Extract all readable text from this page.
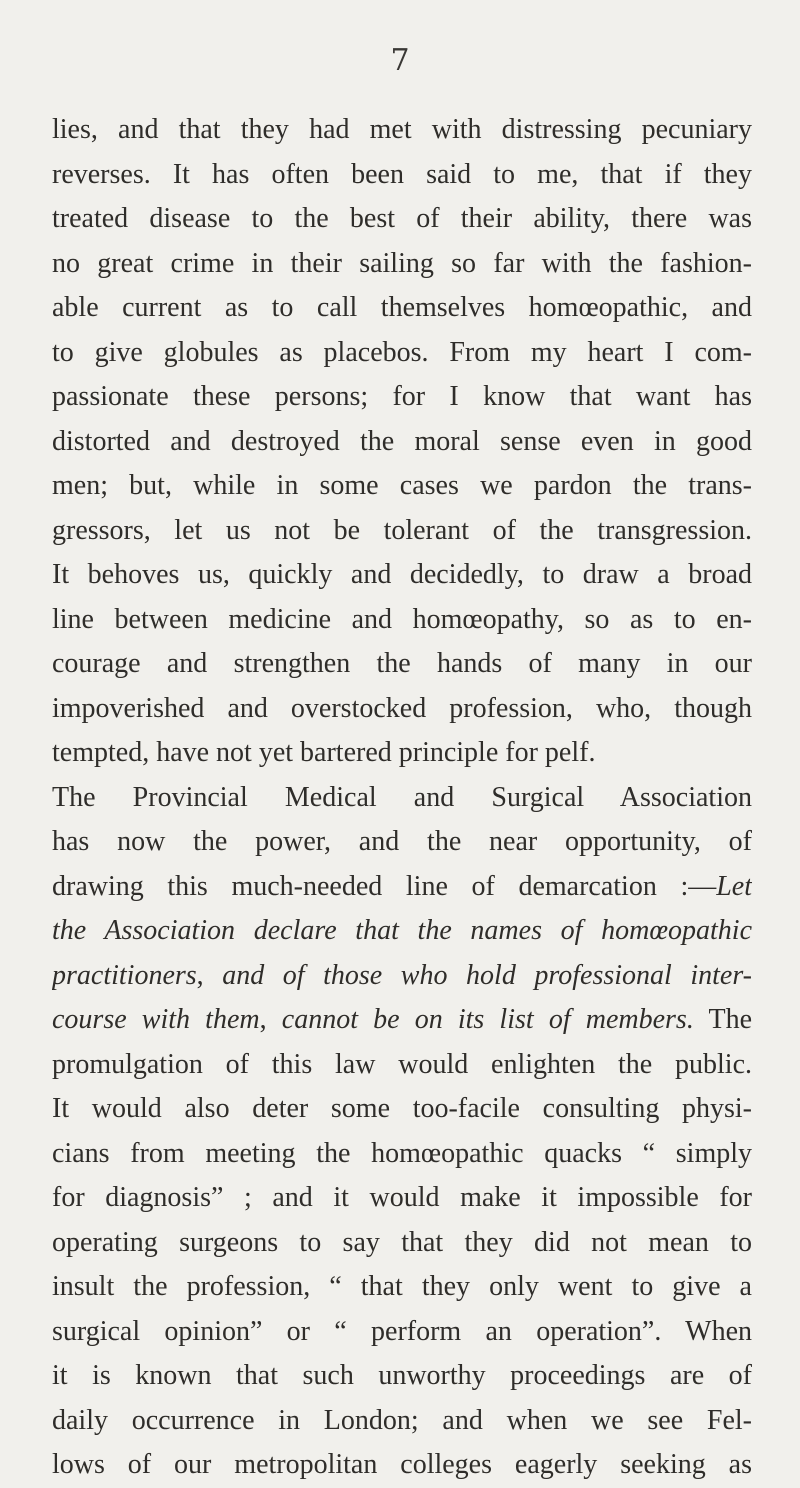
7
lies, and that they had met with distressing pecuniary
reverses. It has often been said to me, that if they
treated disease to the best of their ability, there was
no great crime in their sailing so far with the fashion-
able current as to call themselves homœopathic, and
to give globules as placebos. From my heart I com-
passionate these persons; for I know that want has
distorted and destroyed the moral sense even in good
men; but, while in some cases we pardon the trans-
gressors, let us not be tolerant of the transgression.
It behoves us, quickly and decidedly, to draw a broad
line between medicine and homœopathy, so as to en-
courage and strengthen the hands of many in our
impoverished and overstocked profession, who, though
tempted, have not yet bartered principle for pelf.
The Provincial Medical and Surgical Association
has now the power, and the near opportunity, of
drawing this much-needed line of demarcation :—Let
the Association declare that the names of homœopathic
practitioners, and of those who hold professional inter-
course with them, cannot be on its list of members. The
promulgation of this law would enlighten the public.
It would also deter some too-facile consulting physi-
cians from meeting the homœopathic quacks “ simply
for diagnosis” ; and it would make it impossible for
operating surgeons to say that they did not mean to
insult the profession, “ that they only went to give a
surgical opinion” or “ perform an operation”. When
it is known that such unworthy proceedings are of
daily occurrence in London; and when we see Fel-
lows of our metropolitan colleges eagerly seeking as
